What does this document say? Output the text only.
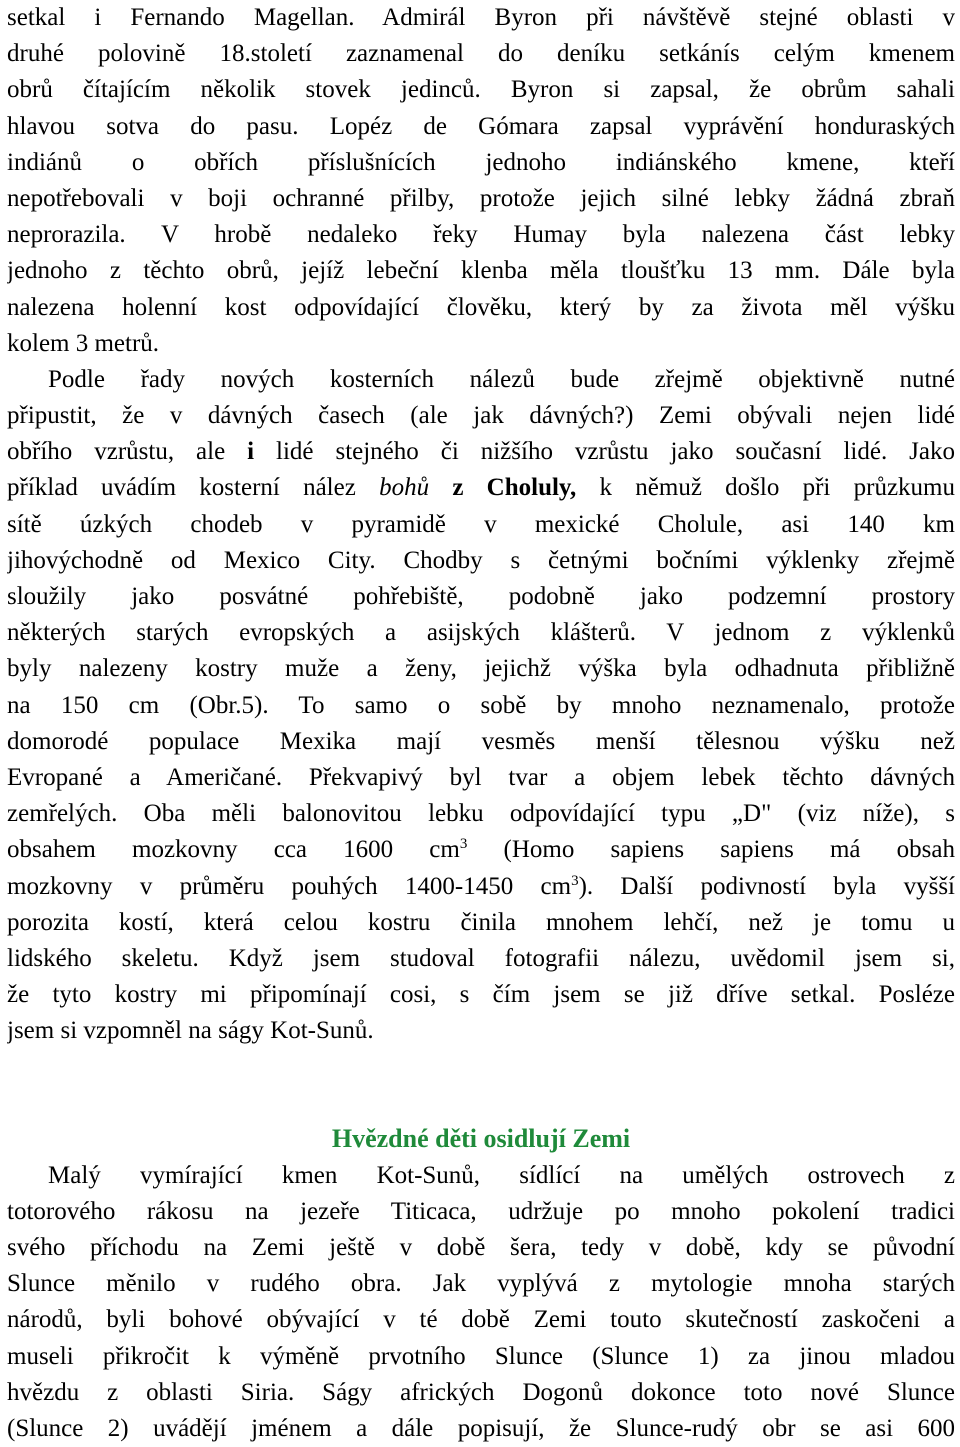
setkal i Fernando Magellan. Admirál Byron při návštěvě stejné oblasti v
druhé polovině 18.století zaznamenal do deníku setkánís celým kmenem
obrů čítajícím několik stovek jedinců. Byron si zapsal, že obrům sahali
hlavou sotva do pasu. Lopéz de Gómara zapsal vyprávění honduraských
indiánů o obřích příslušnících jednoho indiánského kmene, kteří
nepotřebovali v boji ochranné přilby, protože jejich silné lebky žádná zbraň
neprorazila. V hrobě nedaleko řeky Humay byla nalezena část lebky
jednoho z těchto obrů, jejíž lebeční klenba měla tloušťku 13 mm. Dále byla
nalezena holenní kost odpovídající člověku, který by za života měl výšku
kolem 3 metrů.
Podle řady nových kosterních nálezů bude zřejmě objektivně nutné
připustit, že v dávných časech (ale jak dávných?) Zemi obývali nejen lidé
obřího vzrůstu, ale i lidé stejného či nižšího vzrůstu jako současní lidé. Jako
příklad uvádím kosterní nález bohů z Choluly, k němuž došlo při průzkumu
sítě úzkých chodeb v pyramidě v mexické Cholule, asi 140 km
jihovýchodně od Mexico City. Chodby s četnými bočními výklenky zřejmě
sloužily jako posvátné pohřebiště, podobně jako podzemní prostory
některých starých evropských a asijských klášterů. V jednom z výklenků
byly nalezeny kostry muže a ženy, jejichž výška byla odhadnuta přibližně
na 150 cm (Obr.5). To samo o sobě by mnoho neznamenalo, protože
domorodé populace Mexika mají vesměs menší tělesnou výšku než
Evropané a Američané. Překvapivý byl tvar a objem lebek těchto dávných
zemřelých. Oba měli balonovitou lebku odpovídající typu „D" (viz níže), s
obsahem mozkovny cca 1600 $cm^3$ (Homo sapiens sapiens má obsah
mozkovny v průměru pouhých 1400-1450 $cm^3$). Další podivností byla vyšší
porozita kostí, která celou kostru činila mnohem lehčí, než je tomu u
lidského skeletu. Když jsem studoval fotografii nálezu, uvědomil jsem si,
že tyto kostry mi připomínají cosi, s čím jsem se již dříve setkal. Posléze
jsem si vzpomněl na ságy Kot-Sunů.
Hvězdné děti osidlují Zemi
Malý vymírající kmen Kot-Sunů, sídlící na umělých ostrovech z
totorového rákosu na jezeře Titicaca, udržuje po mnoho pokolení tradici
svého příchodu na Zemi ještě v době šera, tedy v době, kdy se původní
Slunce měnilo v rudého obra. Jak vyplývá z mytologie mnoha starých
národů, byli bohové obývající v té době Zemi touto skutečností zaskočeni a
museli přikročit k výměně prvotního Slunce (Slunce 1) za jinou mladou
hvězdu z oblasti Siria. Ságy afrických Dogonů dokonce toto nové Slunce
(Slunce 2) uvádějí jménem a dále popisují, že Slunce-rudý obr se asi 600
